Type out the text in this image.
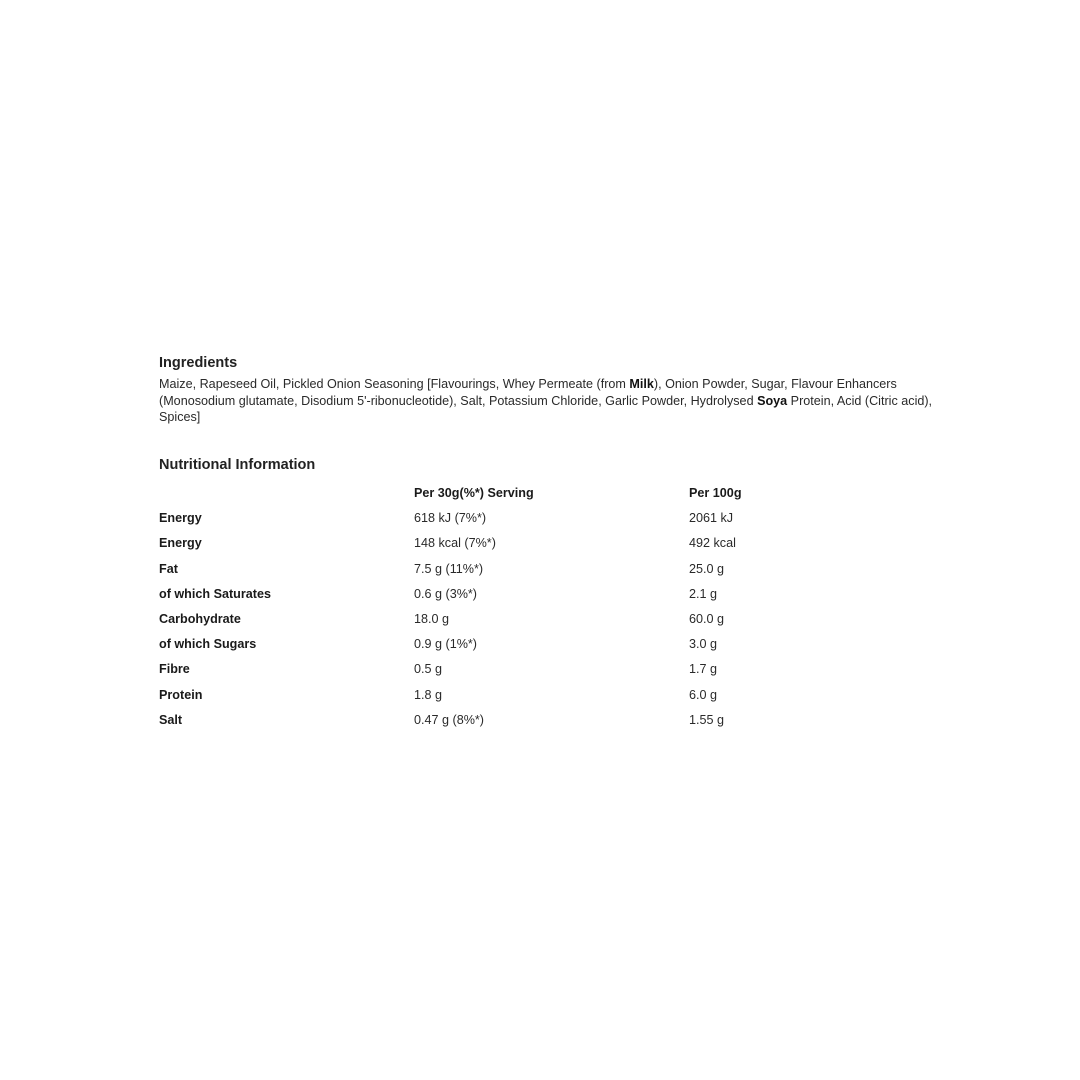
Ingredients

Maize, Rapeseed Oil, Pickled Onion Seasoning [Flavourings, Whey Permeate (from Milk), Onion Powder, Sugar, Flavour Enhancers (Monosodium glutamate, Disodium 5'-ribonucleotide), Salt, Potassium Chloride, Garlic Powder, Hydrolysed Soya Protein, Acid (Citric acid), Spices]

Nutritional Information
	Per 30g(%*) Serving	Per 100g
Energy	618 kJ (7%*)	2061 kJ
Energy	148 kcal (7%*)	492 kcal
Fat	7.5 g (11%*)	25.0 g
of which Saturates	0.6 g (3%*)	2.1 g
Carbohydrate	18.0 g	60.0 g
of which Sugars	0.9 g (1%*)	3.0 g
Fibre	0.5 g	1.7 g
Protein	1.8 g	6.0 g
Salt	0.47 g (8%*)	1.55 g
